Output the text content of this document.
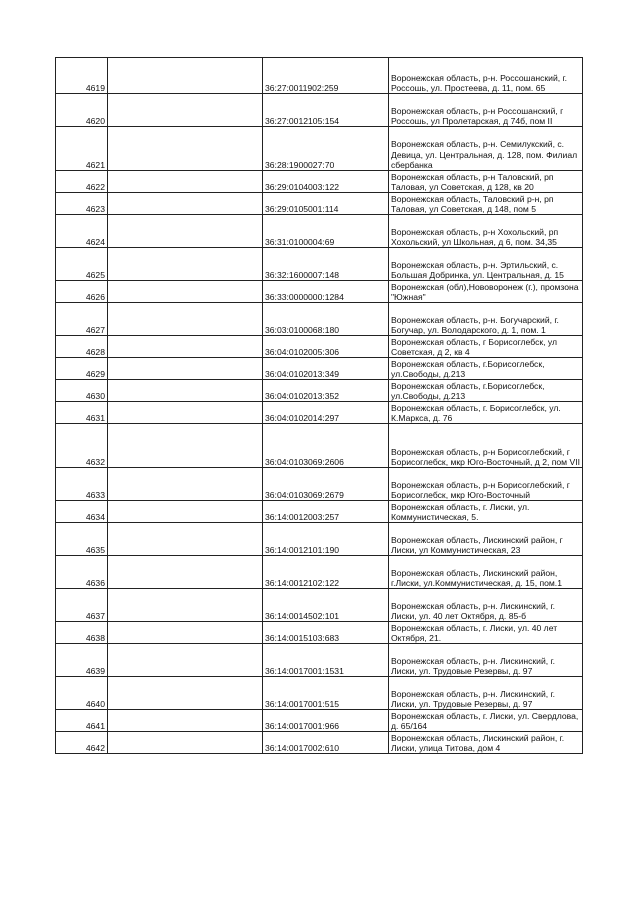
4619		36:27:0011902:259	Воронежская область, р-н. Россошанский, г. Россошь, ул. Простеева, д. 11, пом. 65
4620		36:27:0012105:154	Воронежская область, р-н Россошанский, г Россошь, ул Пролетарская, д 74б, пом II
4621		36:28:1900027:70	Воронежская область, р-н. Семилукский, с. Девица, ул. Центральная, д. 128, пом. Филиал сбербанка
4622		36:29:0104003:122	Воронежская область, р-н Таловский, рп Таловая, ул Советская, д 128, кв 20
4623		36:29:0105001:114	Воронежская область, Таловский р-н, рп Таловая, ул Советская, д 148, пом 5
4624		36:31:0100004:69	Воронежская область, р-н Хохольский, рп Хохольский, ул Школьная, д 6, пом. 34,35
4625		36:32:1600007:148	Воронежская область, р-н. Эртильский, с. Большая Добринка, ул. Центральная, д. 15
4626		36:33:0000000:1284	Воронежская (обл),Нововоронеж (г.), промзона "Южная"
4627		36:03:0100068:180	Воронежская область, р-н. Богучарский, г. Богучар, ул. Володарского, д. 1, пом. 1
4628		36:04:0102005:306	Воронежская область, г Борисоглебск, ул Советская, д 2, кв 4
4629		36:04:0102013:349	Воронежская область, г.Борисоглебск, ул.Свободы, д.213
4630		36:04:0102013:352	Воронежская область, г.Борисоглебск, ул.Свободы, д.213
4631		36:04:0102014:297	Воронежская область, г. Борисоглебск, ул. К.Маркса, д. 76
4632		36:04:0103069:2606	Воронежская область, р-н Борисоглебский, г Борисоглебск, мкр Юго-Восточный, д 2, пом VII
4633		36:04:0103069:2679	Воронежская область, р-н Борисоглебский, г Борисоглебск, мкр Юго-Восточный
4634		36:14:0012003:257	Воронежская область, г. Лиски, ул. Коммунистическая, 5.
4635		36:14:0012101:190	Воронежская область, Лискинский район, г Лиски, ул Коммунистическая, 23
4636		36:14:0012102:122	Воронежская область, Лискинский район, г.Лиски, ул.Коммунистическая, д. 15, пом.1
4637		36:14:0014502:101	Воронежская область, р-н. Лискинский, г. Лиски, ул. 40 лет Октября, д. 85-б
4638		36:14:0015103:683	Воронежская область, г. Лиски, ул. 40 лет Октября, 21.
4639		36:14:0017001:1531	Воронежская область, р-н. Лискинский, г. Лиски, ул. Трудовые Резервы, д. 97
4640		36:14:0017001:515	Воронежская область, р-н. Лискинский, г. Лиски, ул. Трудовые Резервы, д. 97
4641		36:14:0017001:966	Воронежская область, г. Лиски, ул. Свердлова, д. 65/164
4642		36:14:0017002:610	Воронежская область, Лискинский район, г. Лиски, улица Титова, дом 4
